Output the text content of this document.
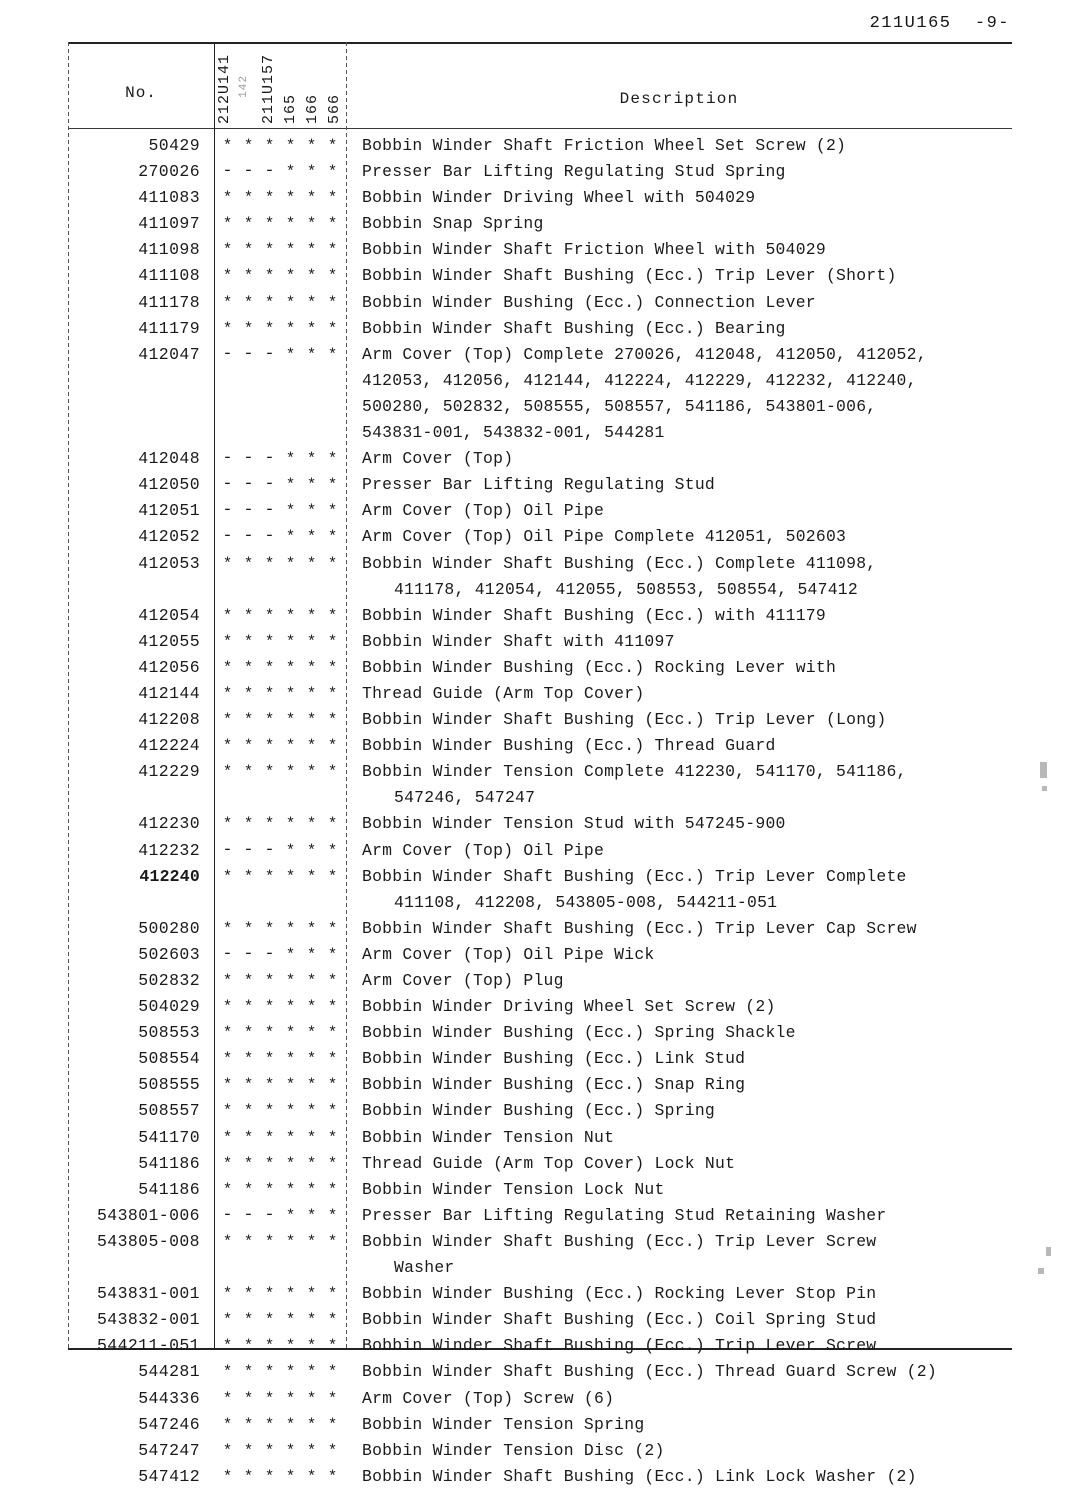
211U165  -9-
No.	212U141 142 211U157 165 166 566	Description
50429 * * * * * * Bobbin Winder Shaft Friction Wheel Set Screw (2)
270026 - - - * * * Presser Bar Lifting Regulating Stud Spring
411083 * * * * * * Bobbin Winder Driving Wheel with 504029
411097 * * * * * * Bobbin Snap Spring
411098 * * * * * * Bobbin Winder Shaft Friction Wheel with 504029
411108 * * * * * * Bobbin Winder Shaft Bushing (Ecc.) Trip Lever (Short)
411178 * * * * * * Bobbin Winder Bushing (Ecc.) Connection Lever
411179 * * * * * * Bobbin Winder Shaft Bushing (Ecc.) Bearing
412047 - - - * * * Arm Cover (Top) Complete 270026, 412048, 412050, 412052,
412053, 412056, 412144, 412224, 412229, 412232, 412240,
500280, 502832, 508555, 508557, 541186, 543801-006,
543831-001, 543832-001, 544281
412048 - - - * * * Arm Cover (Top)
412050 - - - * * * Presser Bar Lifting Regulating Stud
412051 - - - * * * Arm Cover (Top) Oil Pipe
412052 - - - * * * Arm Cover (Top) Oil Pipe Complete 412051, 502603
412053 * * * * * * Bobbin Winder Shaft Bushing (Ecc.) Complete 411098,
411178, 412054, 412055, 508553, 508554, 547412
412054 * * * * * * Bobbin Winder Shaft Bushing (Ecc.) with 411179
412055 * * * * * * Bobbin Winder Shaft with 411097
412056 * * * * * * Bobbin Winder Bushing (Ecc.) Rocking Lever with
412144 * * * * * * Thread Guide (Arm Top Cover)
412208 * * * * * * Bobbin Winder Shaft Bushing (Ecc.) Trip Lever (Long)
412224 * * * * * * Bobbin Winder Bushing (Ecc.) Thread Guard
412229 * * * * * * Bobbin Winder Tension Complete 412230, 541170, 541186,
547246, 547247
412230 * * * * * * Bobbin Winder Tension Stud with 547245-900
412232 - - - * * * Arm Cover (Top) Oil Pipe
412240 * * * * * * Bobbin Winder Shaft Bushing (Ecc.) Trip Lever Complete
411108, 412208, 543805-008, 544211-051
500280 * * * * * * Bobbin Winder Shaft Bushing (Ecc.) Trip Lever Cap Screw
502603 - - - * * * Arm Cover (Top) Oil Pipe Wick
502832 * * * * * * Arm Cover (Top) Plug
504029 * * * * * * Bobbin Winder Driving Wheel Set Screw (2)
508553 * * * * * * Bobbin Winder Bushing (Ecc.) Spring Shackle
508554 * * * * * * Bobbin Winder Bushing (Ecc.) Link Stud
508555 * * * * * * Bobbin Winder Bushing (Ecc.) Snap Ring
508557 * * * * * * Bobbin Winder Bushing (Ecc.) Spring
541170 * * * * * * Bobbin Winder Tension Nut
541186 * * * * * * Thread Guide (Arm Top Cover) Lock Nut
541186 * * * * * * Bobbin Winder Tension Lock Nut
543801-006 - - - * * * Presser Bar Lifting Regulating Stud Retaining Washer
543805-008 * * * * * * Bobbin Winder Shaft Bushing (Ecc.) Trip Lever Screw
Washer
543831-001 * * * * * * Bobbin Winder Bushing (Ecc.) Rocking Lever Stop Pin
543832-001 * * * * * * Bobbin Winder Shaft Bushing (Ecc.) Coil Spring Stud
544211-051 * * * * * * Bobbin Winder Shaft Bushing (Ecc.) Trip Lever Screw
544281 * * * * * * Bobbin Winder Shaft Bushing (Ecc.) Thread Guard Screw (2)
544336 * * * * * * Arm Cover (Top) Screw (6)
547246 * * * * * * Bobbin Winder Tension Spring
547247 * * * * * * Bobbin Winder Tension Disc (2)
547412 * * * * * * Bobbin Winder Shaft Bushing (Ecc.) Link Lock Washer (2)
